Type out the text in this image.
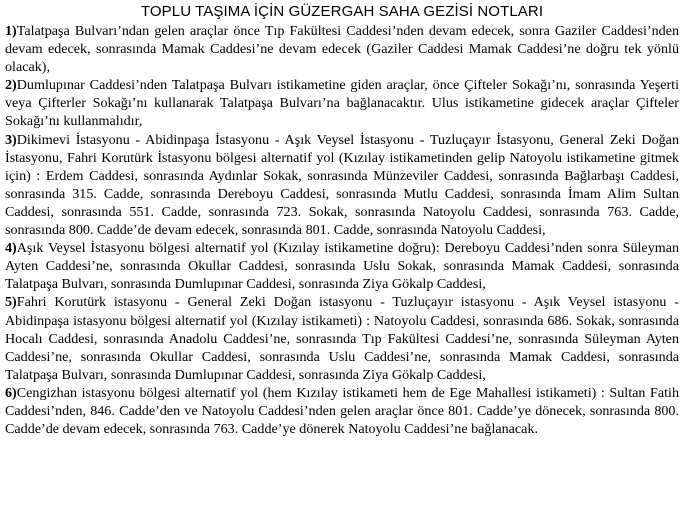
TOPLU TAŞIMA İÇİN GÜZERGAH SAHA GEZİSİ NOTLARI

1)Talatpaşa Bulvarı’ndan gelen araçlar önce Tıp Fakültesi Caddesi’nden devam edecek, sonra Gaziler Caddesi’nden devam edecek, sonrasında Mamak Caddesi’ne devam edecek (Gaziler Caddesi Mamak Caddesi’ne doğru tek yönlü olacak),

2)Dumlupınar Caddesi’nden Talatpaşa Bulvarı istikametine giden araçlar, önce Çifteler Sokağı’nı, sonrasında Yeşerti veya Çifterler Sokağı’nı kullanarak Talatpaşa Bulvarı’na bağlanacaktır. Ulus istikametine gidecek araçlar Çifteler Sokağı’nı kullanmalıdır,

3)Dikimevi İstasyonu - Abidinpaşa İstasyonu - Aşık Veysel İstasyonu - Tuzluçayır İstasyonu, General Zeki Doğan İstasyonu, Fahri Korutürk İstasyonu bölgesi alternatif yol (Kızılay istikametinden gelip Natoyolu istikametine gitmek için) : Erdem Caddesi, sonrasında Aydınlar Sokak, sonrasında Münzeviler Caddesi, sonrasında Bağlarbaşı Caddesi, sonrasında 315. Cadde, sonrasında Dereboyu Caddesi, sonrasında Mutlu Caddesi, sonrasında İmam Alim Sultan Caddesi, sonrasında 551. Cadde, sonrasında 723. Sokak, sonrasında Natoyolu Caddesi, sonrasında 763. Cadde, sonrasında 800. Cadde’de devam edecek, sonrasında 801. Cadde, sonrasında Natoyolu Caddesi,

4)Aşık Veysel İstasyonu bölgesi alternatif yol (Kızılay istikametine doğru): Dereboyu Caddesi’nden sonra Süleyman Ayten Caddesi’ne, sonrasında Okullar Caddesi, sonrasında Uslu Sokak, sonrasında Mamak Caddesi, sonrasında Talatpaşa Bulvarı, sonrasında Dumlupınar Caddesi, sonrasında Ziya Gökalp Caddesi,

5)Fahri Korutürk istasyonu - General Zeki Doğan istasyonu - Tuzluçayır istasyonu - Aşık Veysel istasyonu - Abidinpaşa istasyonu bölgesi alternatif yol (Kızılay istikameti) : Natoyolu Caddesi, sonrasında 686. Sokak, sonrasında Hocalı Caddesi, sonrasında Anadolu Caddesi’ne, sonrasında Tıp Fakültesi Caddesi’ne, sonrasında Süleyman Ayten Caddesi’ne, sonrasında Okullar Caddesi, sonrasında Uslu Caddesi’ne, sonrasında Mamak Caddesi, sonrasında Talatpaşa Bulvarı, sonrasında Dumlupınar Caddesi, sonrasında Ziya Gökalp Caddesi,

6)Cengizhan istasyonu bölgesi alternatif yol (hem Kızılay istikameti hem de Ege Mahallesi istikameti) : Sultan Fatih Caddesi’nden, 846. Cadde’den ve Natoyolu Caddesi’nden gelen araçlar önce 801. Cadde’ye dönecek, sonrasında 800. Cadde’de devam edecek, sonrasında 763. Cadde’ye dönerek Natoyolu Caddesi’ne bağlanacak.
